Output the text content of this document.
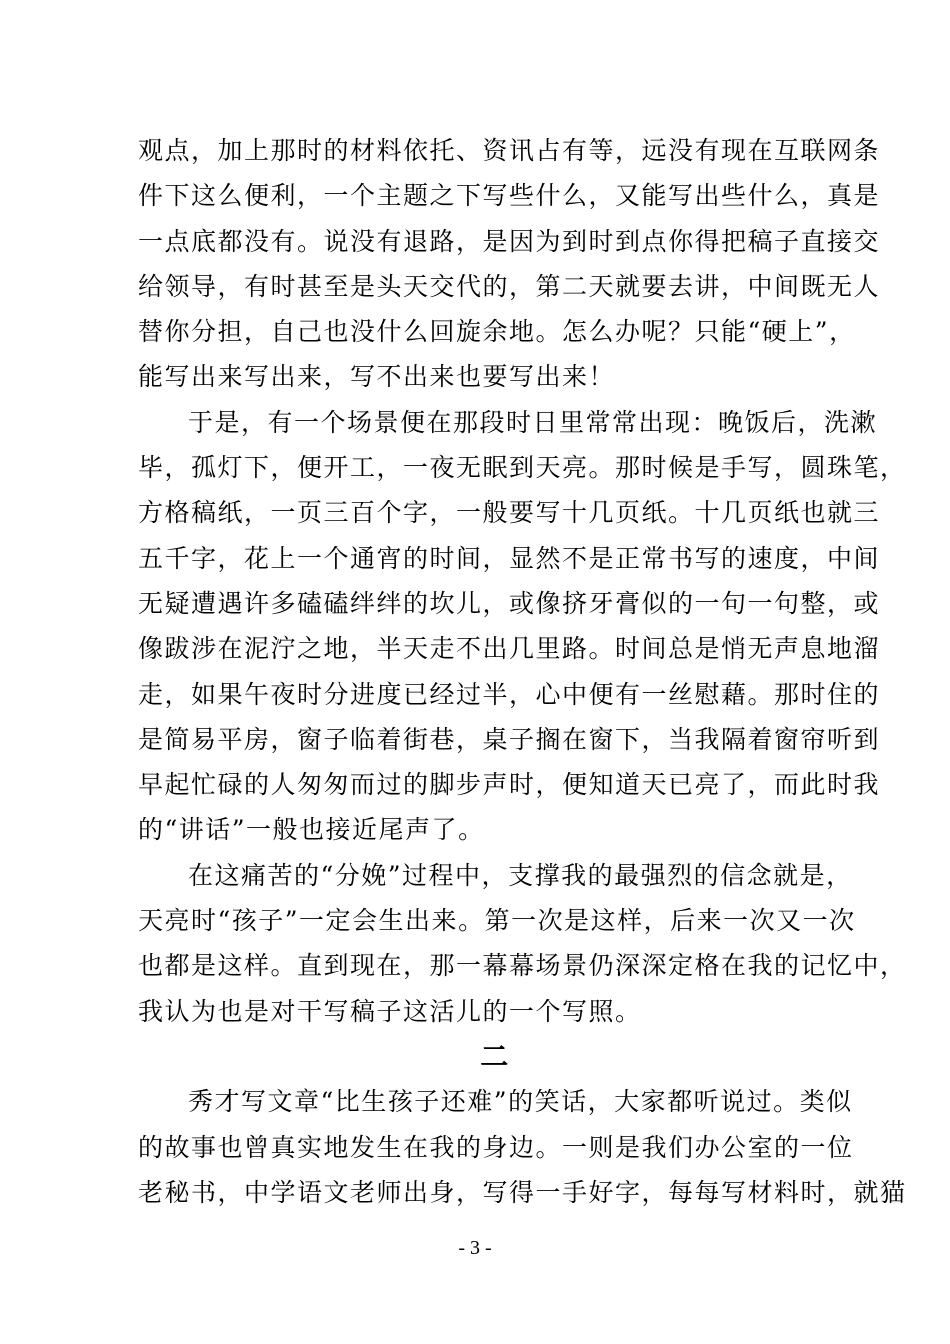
观点，加上那时的材料依托、资讯占有等，远没有现在互联网条
件下这么便利，一个主题之下写些什么，又能写出些什么，真是
一点底都没有。说没有退路，是因为到时到点你得把稿子直接交
给领导，有时甚至是头天交代的，第二天就要去讲，中间既无人
替你分担，自己也没什么回旋余地。怎么办呢？只能“硬上”，
能写出来写出来，写不出来也要写出来！
于是，有一个场景便在那段时日里常常出现：晚饭后，洗漱
毕，孤灯下，便开工，一夜无眠到天亮。那时候是手写，圆珠笔，
方格稿纸，一页三百个字，一般要写十几页纸。十几页纸也就三
五千字，花上一个通宵的时间，显然不是正常书写的速度，中间
无疑遭遇许多磕磕绊绊的坎儿，或像挤牙膏似的一句一句整，或
像跋涉在泥泞之地，半天走不出几里路。时间总是悄无声息地溜
走，如果午夜时分进度已经过半，心中便有一丝慰藉。那时住的
是简易平房，窗子临着街巷，桌子搁在窗下，当我隔着窗帘听到
早起忙碌的人匆匆而过的脚步声时，便知道天已亮了，而此时我
的“讲话”一般也接近尾声了。
在这痛苦的“分娩”过程中，支撑我的最强烈的信念就是，
天亮时“孩子”一定会生出来。第一次是这样，后来一次又一次
也都是这样。直到现在，那一幕幕场景仍深深定格在我的记忆中，
我认为也是对干写稿子这活儿的一个写照。
二
秀才写文章“比生孩子还难”的笑话，大家都听说过。类似
的故事也曾真实地发生在我的身边。一则是我们办公室的一位
老秘书，中学语文老师出身，写得一手好字，每每写材料时，就猫
- 3 -
